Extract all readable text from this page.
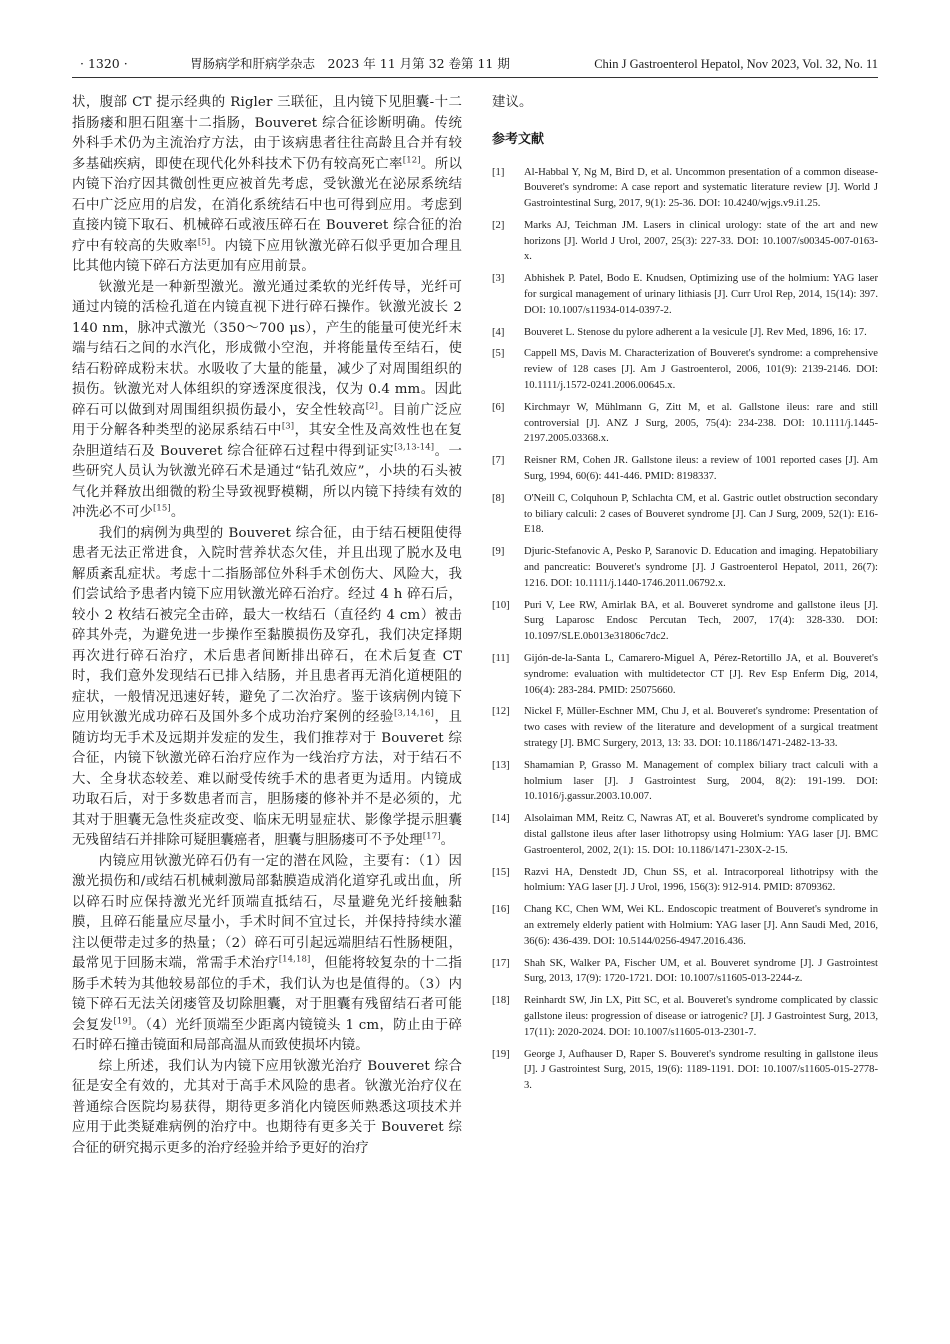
· 1320 ·	胃肠病学和肝病学杂志　2023 年 11 月第 32 卷第 11 期	Chin J Gastroenterol Hepatol, Nov 2023, Vol. 32, No. 11

状，腹部 CT 提示经典的 Rigler 三联征，且内镜下见胆囊-十二指肠瘘和胆石阻塞十二指肠，Bouveret 综合征诊断明确。传统外科手术仍为主流治疗方法，由于该病患者往往高龄且合并有较多基础疾病，即使在现代化外科技术下仍有较高死亡率[12]。所以内镜下治疗因其微创性更应被首先考虑，受钬激光在泌尿系统结石中广泛应用的启发，在消化系统结石中也可得到应用。考虑到直接内镜下取石、机械碎石或液压碎石在 Bouveret 综合征的治疗中有较高的失败率[5]。内镜下应用钬激光碎石似乎更加合理且比其他内镜下碎石方法更加有应用前景。

钬激光是一种新型激光。激光通过柔软的光纤传导，光纤可通过内镜的活检孔道在内镜直视下进行碎石操作。钬激光波长 2 140 nm，脉冲式激光（350～700 μs），产生的能量可使光纤末端与结石之间的水汽化，形成微小空泡，并将能量传至结石，使结石粉碎成粉末状。水吸收了大量的能量，减少了对周围组织的损伤。钬激光对人体组织的穿透深度很浅，仅为 0.4 mm。因此碎石可以做到对周围组织损伤最小，安全性较高[2]。目前广泛应用于分解各种类型的泌尿系结石中[3]，其安全性及高效性也在复杂胆道结石及 Bouveret 综合征碎石过程中得到证实[3,13-14]。一些研究人员认为钬激光碎石术是通过“钻孔效应”，小块的石头被气化并释放出细微的粉尘导致视野模糊，所以内镜下持续有效的冲洗必不可少[15]。

我们的病例为典型的 Bouveret 综合征，由于结石梗阻使得患者无法正常进食，入院时营养状态欠佳，并且出现了脱水及电解质紊乱症状。考虑十二指肠部位外科手术创伤大、风险大，我们尝试给予患者内镜下应用钬激光碎石治疗。经过 4 h 碎石后，较小 2 枚结石被完全击碎，最大一枚结石（直径约 4 cm）被击碎其外壳，为避免进一步操作至黏膜损伤及穿孔，我们决定择期再次进行碎石治疗，术后患者间断排出碎石，在术后复查 CT 时，我们意外发现结石已排入结肠，并且患者再无消化道梗阻的症状，一般情况迅速好转，避免了二次治疗。鉴于该病例内镜下应用钬激光成功碎石及国外多个成功治疗案例的经验[3,14,16]，且随访均无手术及远期并发症的发生，我们推荐对于 Bouveret 综合征，内镜下钬激光碎石治疗应作为一线治疗方法，对于结石不大、全身状态较差、难以耐受传统手术的患者更为适用。内镜成功取石后，对于多数患者而言，胆肠瘘的修补并不是必须的，尤其对于胆囊无急性炎症改变、临床无明显症状、影像学提示胆囊无残留结石并排除可疑胆囊癌者，胆囊与胆肠瘘可不予处理[17]。

内镜应用钬激光碎石仍有一定的潜在风险，主要有：（1）因激光损伤和/或结石机械刺激局部黏膜造成消化道穿孔或出血，所以碎石时应保持激光光纤顶端直抵结石，尽量避免光纤接触黏膜，且碎石能量应尽量小，手术时间不宜过长，并保持持续水灌注以便带走过多的热量；（2）碎石可引起远端胆结石性肠梗阻，最常见于回肠末端，常需手术治疗[14,18]，但能将较复杂的十二指肠手术转为其他较易部位的手术，我们认为也是值得的。（3）内镜下碎石无法关闭瘘管及切除胆囊，对于胆囊有残留结石者可能会复发[19]。（4）光纤顶端至少距离内镜镜头 1 cm，防止由于碎石时碎石撞击镜面和局部高温从而致使损坏内镜。

综上所述，我们认为内镜下应用钬激光治疗 Bouveret 综合征是安全有效的，尤其对于高手术风险的患者。钬激光治疗仪在普通综合医院均易获得，期待更多消化内镜医师熟悉这项技术并应用于此类疑难病例的治疗中。也期待有更多关于 Bouveret 综合征的研究揭示更多的治疗经验并给予更好的治疗

建议。

参考文献
[1]	Al-Habbal Y, Ng M, Bird D, et al. Uncommon presentation of a common disease-Bouveret's syndrome: A case report and systematic literature review [J]. World J Gastrointestinal Surg, 2017, 9(1): 25-36. DOI: 10.4240/wjgs.v9.i1.25.
[2]	Marks AJ, Teichman JM. Lasers in clinical urology: state of the art and new horizons [J]. World J Urol, 2007, 25(3): 227-33. DOI: 10.1007/s00345-007-0163-x.
[3]	Abhishek P. Patel, Bodo E. Knudsen, Optimizing use of the holmium: YAG laser for surgical management of urinary lithiasis [J]. Curr Urol Rep, 2014, 15(14): 397. DOI: 10.1007/s11934-014-0397-2.
[4]	Bouveret L. Stenose du pylore adherent a la vesicule [J]. Rev Med, 1896, 16: 17.
[5]	Cappell MS, Davis M. Characterization of Bouveret's syndrome: a comprehensive review of 128 cases [J]. Am J Gastroenterol, 2006, 101(9): 2139-2146. DOI: 10.1111/j.1572-0241.2006.00645.x.
[6]	Kirchmayr W, Mühlmann G, Zitt M, et al. Gallstone ileus: rare and still controversial [J]. ANZ J Surg, 2005, 75(4): 234-238. DOI: 10.1111/j.1445-2197.2005.03368.x.
[7]	Reisner RM, Cohen JR. Gallstone ileus: a review of 1001 reported cases [J]. Am Surg, 1994, 60(6): 441-446. PMID: 8198337.
[8]	O'Neill C, Colquhoun P, Schlachta CM, et al. Gastric outlet obstruction secondary to biliary calculi: 2 cases of Bouveret syndrome [J]. Can J Surg, 2009, 52(1): E16-E18.
[9]	Djuric-Stefanovic A, Pesko P, Saranovic D. Education and imaging. Hepatobiliary and pancreatic: Bouveret's syndrome [J]. J Gastroenterol Hepatol, 2011, 26(7): 1216. DOI: 10.1111/j.1440-1746.2011.06792.x.
[10]	Puri V, Lee RW, Amirlak BA, et al. Bouveret syndrome and gallstone ileus [J]. Surg Laparosc Endosc Percutan Tech, 2007, 17(4): 328-330. DOI: 10.1097/SLE.0b013e31806c7dc2.
[11]	Gijón-de-la-Santa L, Camarero-Miguel A, Pérez-Retortillo JA, et al. Bouveret's syndrome: evaluation with multidetector CT [J]. Rev Esp Enferm Dig, 2014, 106(4): 283-284. PMID: 25075660.
[12]	Nickel F, Müller-Eschner MM, Chu J, et al. Bouveret's syndrome: Presentation of two cases with review of the literature and development of a surgical treatment strategy [J]. BMC Surgery, 2013, 13: 33. DOI: 10.1186/1471-2482-13-33.
[13]	Shamamian P, Grasso M. Management of complex biliary tract calculi with a holmium laser [J]. J Gastrointest Surg, 2004, 8(2): 191-199. DOI: 10.1016/j.gassur.2003.10.007.
[14]	Alsolaiman MM, Reitz C, Nawras AT, et al. Bouveret's syndrome complicated by distal gallstone ileus after laser lithotropsy using Holmium: YAG laser [J]. BMC Gastroenterol, 2002, 2(1): 15. DOI: 10.1186/1471-230X-2-15.
[15]	Razvi HA, Denstedt JD, Chun SS, et al. Intracorporeal lithotripsy with the holmium: YAG laser [J]. J Urol, 1996, 156(3): 912-914. PMID: 8709362.
[16]	Chang KC, Chen WM, Wei KL. Endoscopic treatment of Bouveret's syndrome in an extremely elderly patient with Holmium: YAG laser [J]. Ann Saudi Med, 2016, 36(6): 436-439. DOI: 10.5144/0256-4947.2016.436.
[17]	Shah SK, Walker PA, Fischer UM, et al. Bouveret syndrome [J]. J Gastrointest Surg, 2013, 17(9): 1720-1721. DOI: 10.1007/s11605-013-2244-z.
[18]	Reinhardt SW, Jin LX, Pitt SC, et al. Bouveret's syndrome complicated by classic gallstone ileus: progression of disease or iatrogenic? [J]. J Gastrointest Surg, 2013, 17(11): 2020-2024. DOI: 10.1007/s11605-013-2301-7.
[19]	George J, Aufhauser D, Raper S. Bouveret's syndrome resulting in gallstone ileus [J]. J Gastrointest Surg, 2015, 19(6): 1189-1191. DOI: 10.1007/s11605-015-2778-3.
